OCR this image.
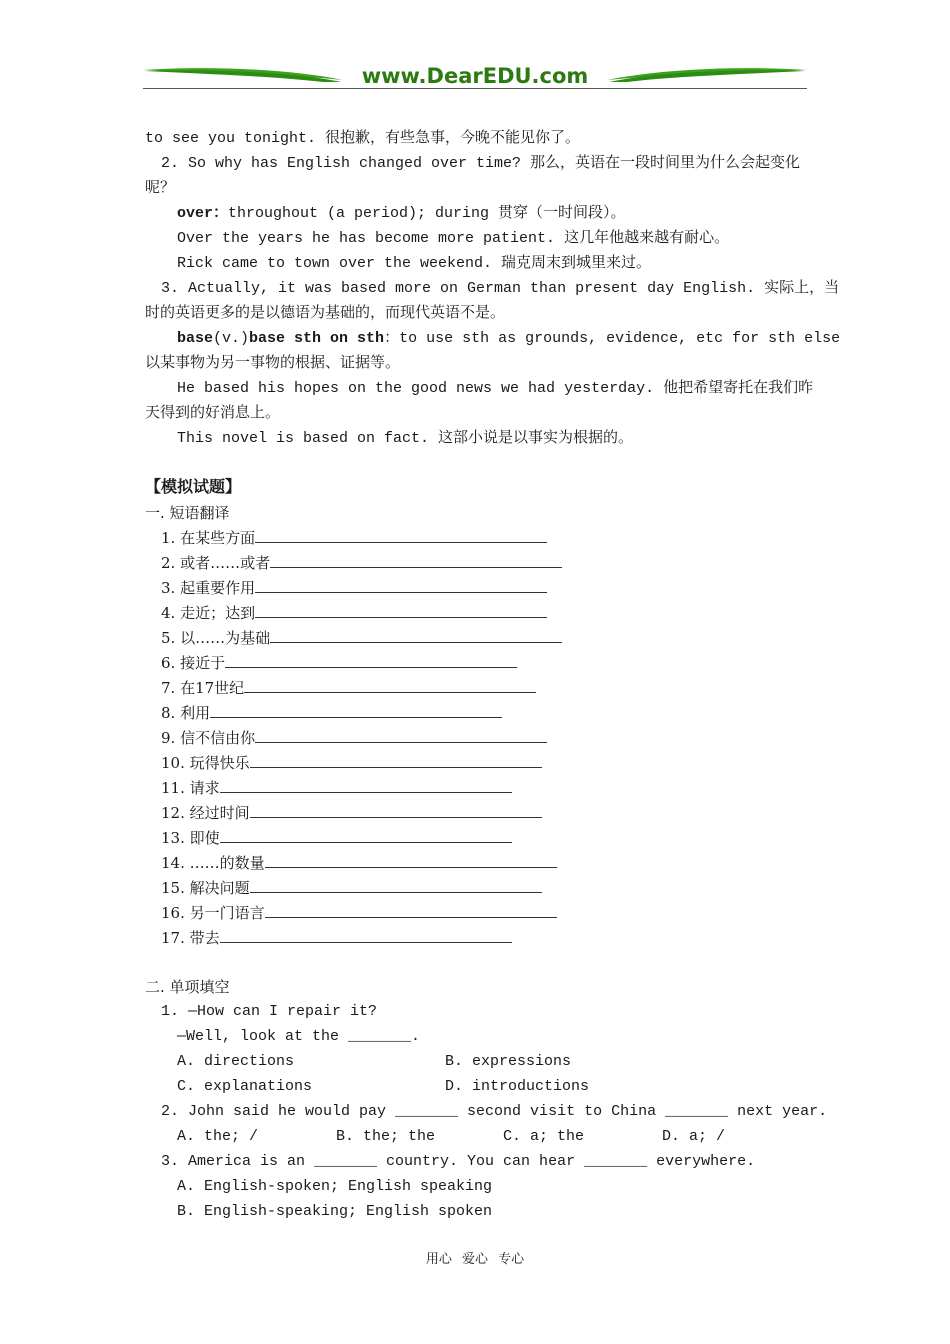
www.DearEDU.com
to see you tonight. 很抱歉，有些急事，今晚不能见你了。
2. So why has English changed over time? 那么，英语在一段时间里为什么会起变化
呢？
over：throughout (a period); during 贯穿（一时间段）。
Over the years he has become more patient. 这几年他越来越有耐心。
Rick came to town over the weekend. 瑞克周末到城里来过。
3. Actually, it was based more on German than present day English. 实际上，当
时的英语更多的是以德语为基础的，而现代英语不是。
base(v.)base sth on sth：to use sth as grounds, evidence, etc for sth else
以某事物为另一事物的根据、证据等。
He based his hopes on the good news we had yesterday. 他把希望寄托在我们昨
天得到的好消息上。
This novel is based on fact. 这部小说是以事实为根据的。
【模拟试题】
一. 短语翻译
1. 在某些方面
2. 或者……或者
3. 起重要作用
4. 走近；达到
5. 以……为基础
6. 接近于
7. 在17世纪
8. 利用
9. 信不信由你
10. 玩得快乐
11. 请求
12. 经过时间
13. 即使
14. ……的数量
15. 解决问题
16. 另一门语言
17. 带去
二. 单项填空
1. —How can I repair it?
—Well, look at the _______.
A. directions	B. expressions
C. explanations	D. introductions
2. John said he would pay _______ second visit to China _______ next year.
A. the; /	B. the; the	C. a; the	D. a; /
3. America is an _______ country. You can hear _______ everywhere.
A. English-spoken; English speaking
B. English-speaking; English spoken
用心 爱心 专心
